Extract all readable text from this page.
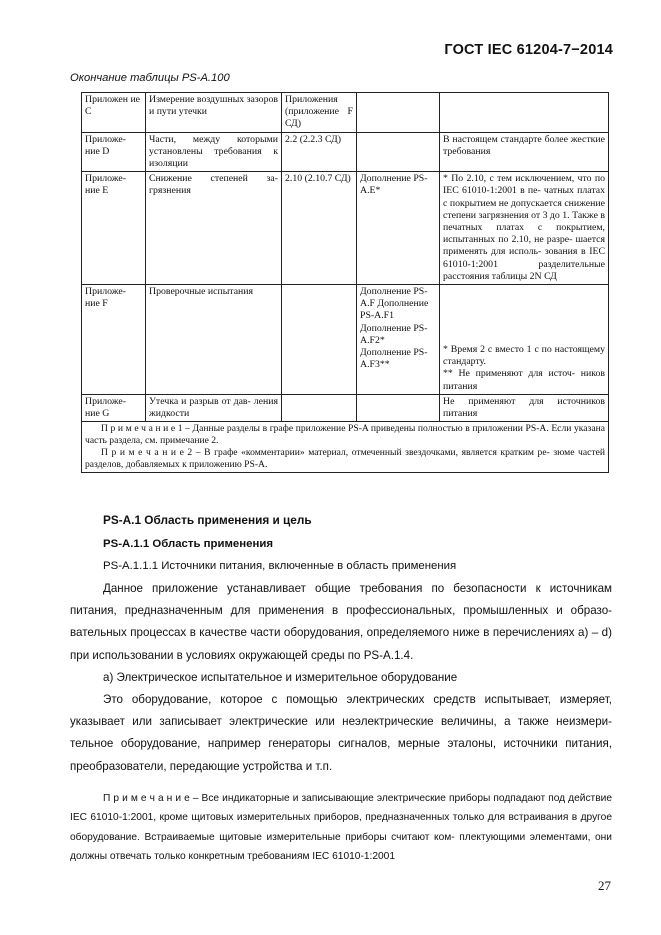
ГОСТ IEC 61204-7−2014
Окончание таблицы PS-A.100
Приложен ие С	Измерение воздушных зазоров и пути утечки	Приложения (приложение F СД)		
Приложе- ние D	Части, между которыми установлены требования к изоляции	2.2 (2.2.3 СД)		В настоящем стандарте более жесткие требования
Приложе- ние Е	Снижение степеней за- грязнения	2.10 (2.10.7 СД)	Дополнение PS-A.E*	* По 2.10, с тем исключением, что по IEC 61010-1:2001 в пе- чатных платах с покрытием не допускается снижение степени загрязнения от 3 до 1. Также в печатных платах с покрытием, испытанных по 2.10, не разре- шается применять для исполь- зования в IEC 61010-1:2001 разделительные расстояния таблицы 2N СД
Приложе- ние F	Проверочные испытания		Дополнение PS-A.F Дополнение PS-A.F1 Дополнение PS-A.F2* Дополнение PS-A.F3**	* Время 2 с вместо 1 с по настоящему стандарту.
** Не применяют для источ- ников питания

Приложе- ние G	Утечка и разрыв от дав- ления жидкости			Не применяют для источников питания

П р и м е ч а н и е 1 – Данные разделы в графе приложение PS-A приведены полностью в приложении PS-A. Если указана часть раздела, см. примечание 2.

П р и м е ч а н и е 2 – В графе «комментарии» материал, отмеченный звездочками, является кратким ре- зюме частей разделов, добавляемых к приложению PS-A.				

PS-A.1 Область применения и цель
PS-A.1.1 Область применения
PS-A.1.1.1 Источники питания, включенные в область применения

Данное приложение устанавливает общие требования по безопасности к источникам питания, предназначенным для применения в профессиональных, промышленных и образо- вательных процессах в качестве части оборудования, определяемого ниже в перечислениях а) – d) при использовании в условиях окружающей среды по PS-A.1.4.

а) Электрическое испытательное и измерительное оборудование

Это оборудование, которое с помощью электрических средств испытывает, измеряет, указывает или записывает электрические или неэлектрические величины, а также неизмери- тельное оборудование, например генераторы сигналов, мерные эталоны, источники питания, преобразователи, передающие устройства и т.п.

П р и м е ч а н и е – Все индикаторные и записывающие электрические приборы подпадают под действие IEC 61010-1:2001, кроме щитовых измерительных приборов, предназначенных только для встраивания в другое оборудование. Встраиваемые щитовые измерительные приборы считают ком- плектующими элементами, они должны отвечать только конкретным требованиям IEC 61010-1:2001

27
